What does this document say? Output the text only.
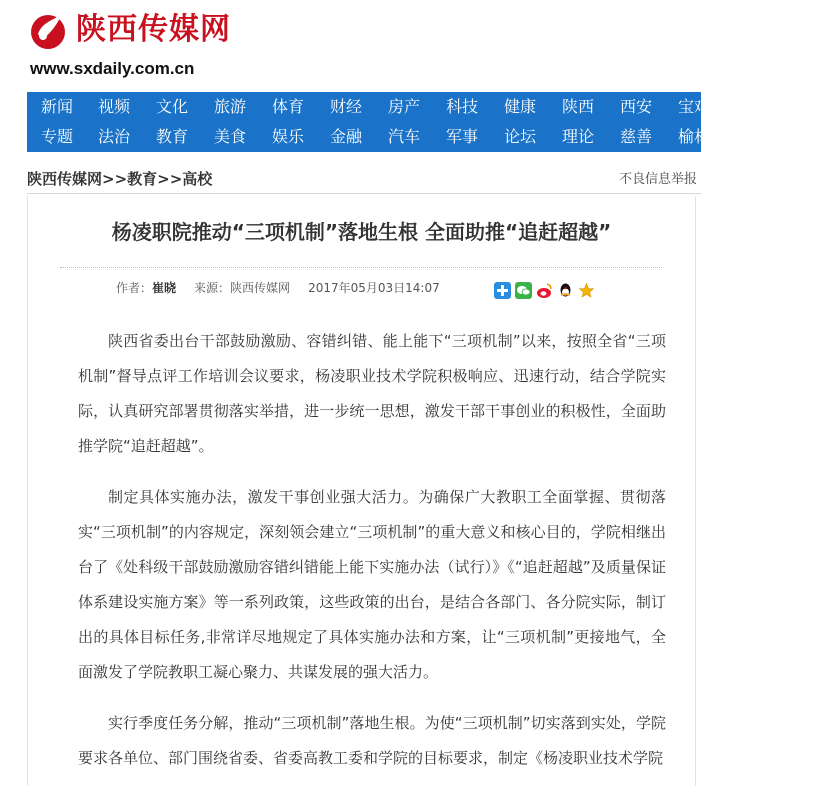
陕西传媒网
www.sxdaily.com.cn
新闻	视频	文化	旅游	体育	财经	房产	科技	健康	陕西	西安	宝鸡
专题	法治	教育	美食	娱乐	金融	汽车	军事	论坛	理论	慈善	榆林
陕西传媒网>>教育>>高校	不良信息举报
杨凌职院推动“三项机制”落地生根 全面助推“追赶超越”
作者：崔晓 来源：陕西传媒网 2017年05月03日14:07

陕西省委出台干部鼓励激励、容错纠错、能上能下“三项机制”以来，按照全省“三项机制”督导点评工作培训会议要求，杨凌职业技术学院积极响应、迅速行动，结合学院实际，认真研究部署贯彻落实举措，进一步统一思想，激发干部干事创业的积极性，全面助推学院“追赶超越”。

制定具体实施办法，激发干事创业强大活力。为确保广大教职工全面掌握、贯彻落实“三项机制”的内容规定，深刻领会建立“三项机制”的重大意义和核心目的，学院相继出台了《处科级干部鼓励激励容错纠错能上能下实施办法（试行）》《“追赶超越”及质量保证体系建设实施方案》等一系列政策，这些政策的出台，是结合各部门、各分院实际，制订出的具体目标任务,非常详尽地规定了具体实施办法和方案，让“三项机制”更接地气，全面激发了学院教职工凝心聚力、共谋发展的强大活力。

实行季度任务分解，推动“三项机制”落地生根。为使“三项机制”切实落到实处，学院要求各单位、部门围绕省委、省委高教工委和学院的目标要求，制定《杨凌职业技术学院
